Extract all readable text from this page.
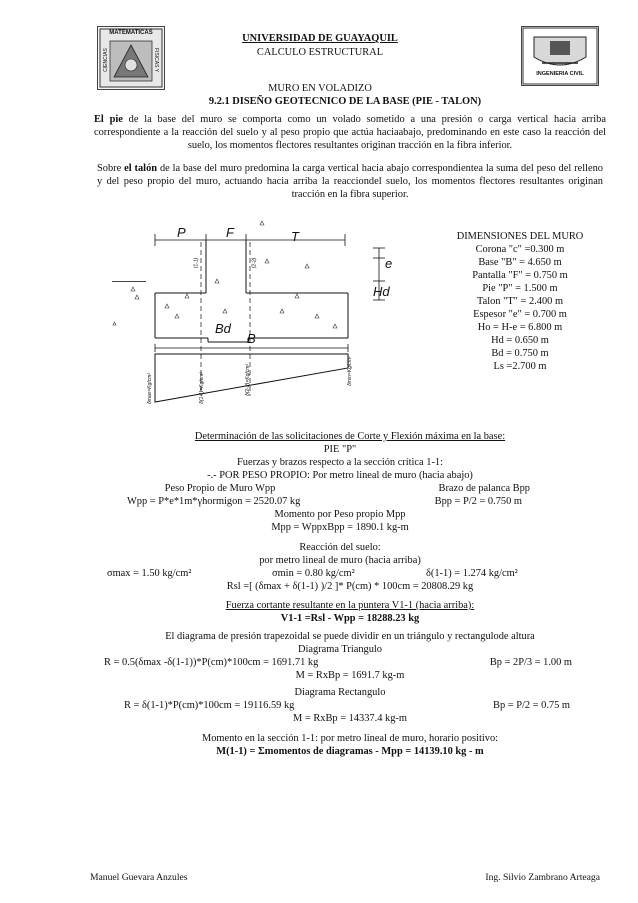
MATEMATICAS
CIENCIAS	FISICAS Y
INGENIERIA CIVIL
UNIVERSIDAD DE GUAYAQUIL
CALCULO ESTRUCTURAL
MURO EN VOLADIZO
9.2.1 DISEÑO GEOTECNICO DE LA BASE (PIE - TALON)
El pie de la base del muro se comporta como un volado sometido a una presión o carga vertical hacia arriba correspondiente a la reacción del suelo y al peso propio que actúa haciaabajo, predominando en este caso la reacción del suelo, los momentos flectores resultantes originan tracción en la fibra inferior.
Sobre el talón de la base del muro predomina la carga vertical hacia abajo correspondientea la suma del peso del relleno y del peso propio del muro, actuando hacia arriba la reacciondel suelo, los momentos flectores resultantes originan tracción en la fibra superior.
P	F	T
e
Hd
Bd
B
(1-1)	(2-2)
δmax=Kg/cm²	δ(1-1)=Kg/cm²	δ(2-2)=Kg/cm²	δmin=Kg/cm²
DIMENSIONES DEL MURO
Corona "c" =0.300 m
Base "B" = 4.650 m
Pantalla "F" = 0.750 m
Pie "P" = 1.500 m
Talon "T" = 2.400 m
Espesor "e" = 0.700 m
Ho = H-e = 6.800 m
Hd = 0.650 m
Bd = 0.750 m
Ls =2.700 m
Determinación de las solicitaciones de Corte y Flexión máxima en la base:
PIE "P"
Fuerzas y brazos respecto a la sección crítica 1-1:
-.- POR PESO PROPIO: Por metro lineal de muro (hacia abajo)
Peso Propio de Muro Wpp	Brazo de palanca Bpp
Wpp = P*e*1m*γhormigon = 2520.07 kg	Bpp = P/2 = 0.750 m
Momento por Peso propio Mpp
Mpp = WppxBpp = 1890.1 kg-m
Reacción del suelo:
por metro lineal de muro (hacia arriba)
σmax = 1.50 kg/cm²	σmin = 0.80 kg/cm²	δ(1-1) = 1.274 kg/cm²
Rsl =[ (δmax + δ(1-1) )/2 ]* P(cm) * 100cm = 20808.29 kg
Fuerza cortante resultante en la puntera V1-1 (hacia arriba):
V1-1 =Rsl - Wpp = 18288.23 kg
El diagrama de presión trapezoidal se puede dividir en un triángulo y rectangulode altura
Diagrama Triangulo
R = 0.5(δmax -δ(1-1))*P(cm)*100cm = 1691.71 kg	Bp = 2P/3 = 1.00 m
M = RxBp = 1691.7 kg-m
Diagrama Rectangulo
R = δ(1-1)*P(cm)*100cm = 19116.59 kg	Bp = P/2 = 0.75 m
M = RxBp = 14337.4 kg-m
Momento en la sección 1-1: por metro lineal de muro, horario positivo:
M(1-1) = Σmomentos de diagramas - Mpp = 14139.10 kg - m
Manuel Guevara Anzules	Ing. Silvio Zambrano Arteaga
